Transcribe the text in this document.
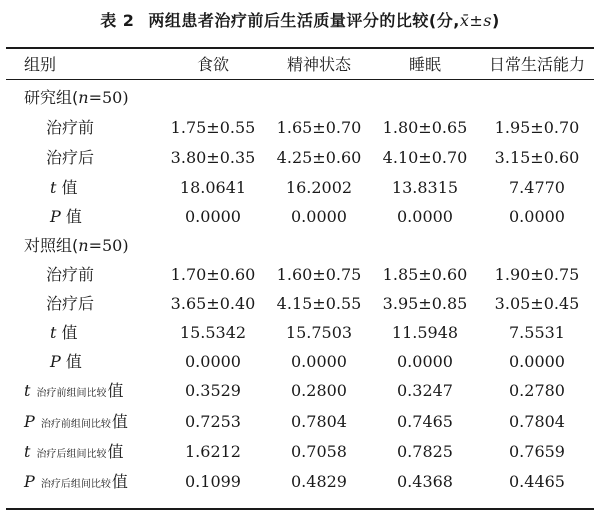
表 2 两组患者治疗前后生活质量评分的比较(分,x̄±s)
组别	食欲	精神状态	睡眠	日常生活能力
研究组(n=50)
治疗前	1.75±0.55	1.65±0.70	1.80±0.65	1.95±0.70
治疗后	3.80±0.35	4.25±0.60	4.10±0.70	3.15±0.60
t 值	18.0641	16.2002	13.8315	7.4770
P 值	0.0000	0.0000	0.0000	0.0000
对照组(n=50)
治疗前	1.70±0.60	1.60±0.75	1.85±0.60	1.90±0.75
治疗后	3.65±0.40	4.15±0.55	3.95±0.85	3.05±0.45
t 值	15.5342	15.7503	11.5948	7.5531
P 值	0.0000	0.0000	0.0000	0.0000
t 治疗前组间比较值	0.3529	0.2800	0.3247	0.2780
P 治疗前组间比较值	0.7253	0.7804	0.7465	0.7804
t 治疗后组间比较值	1.6212	0.7058	0.7825	0.7659
P 治疗后组间比较值	0.1099	0.4829	0.4368	0.4465
